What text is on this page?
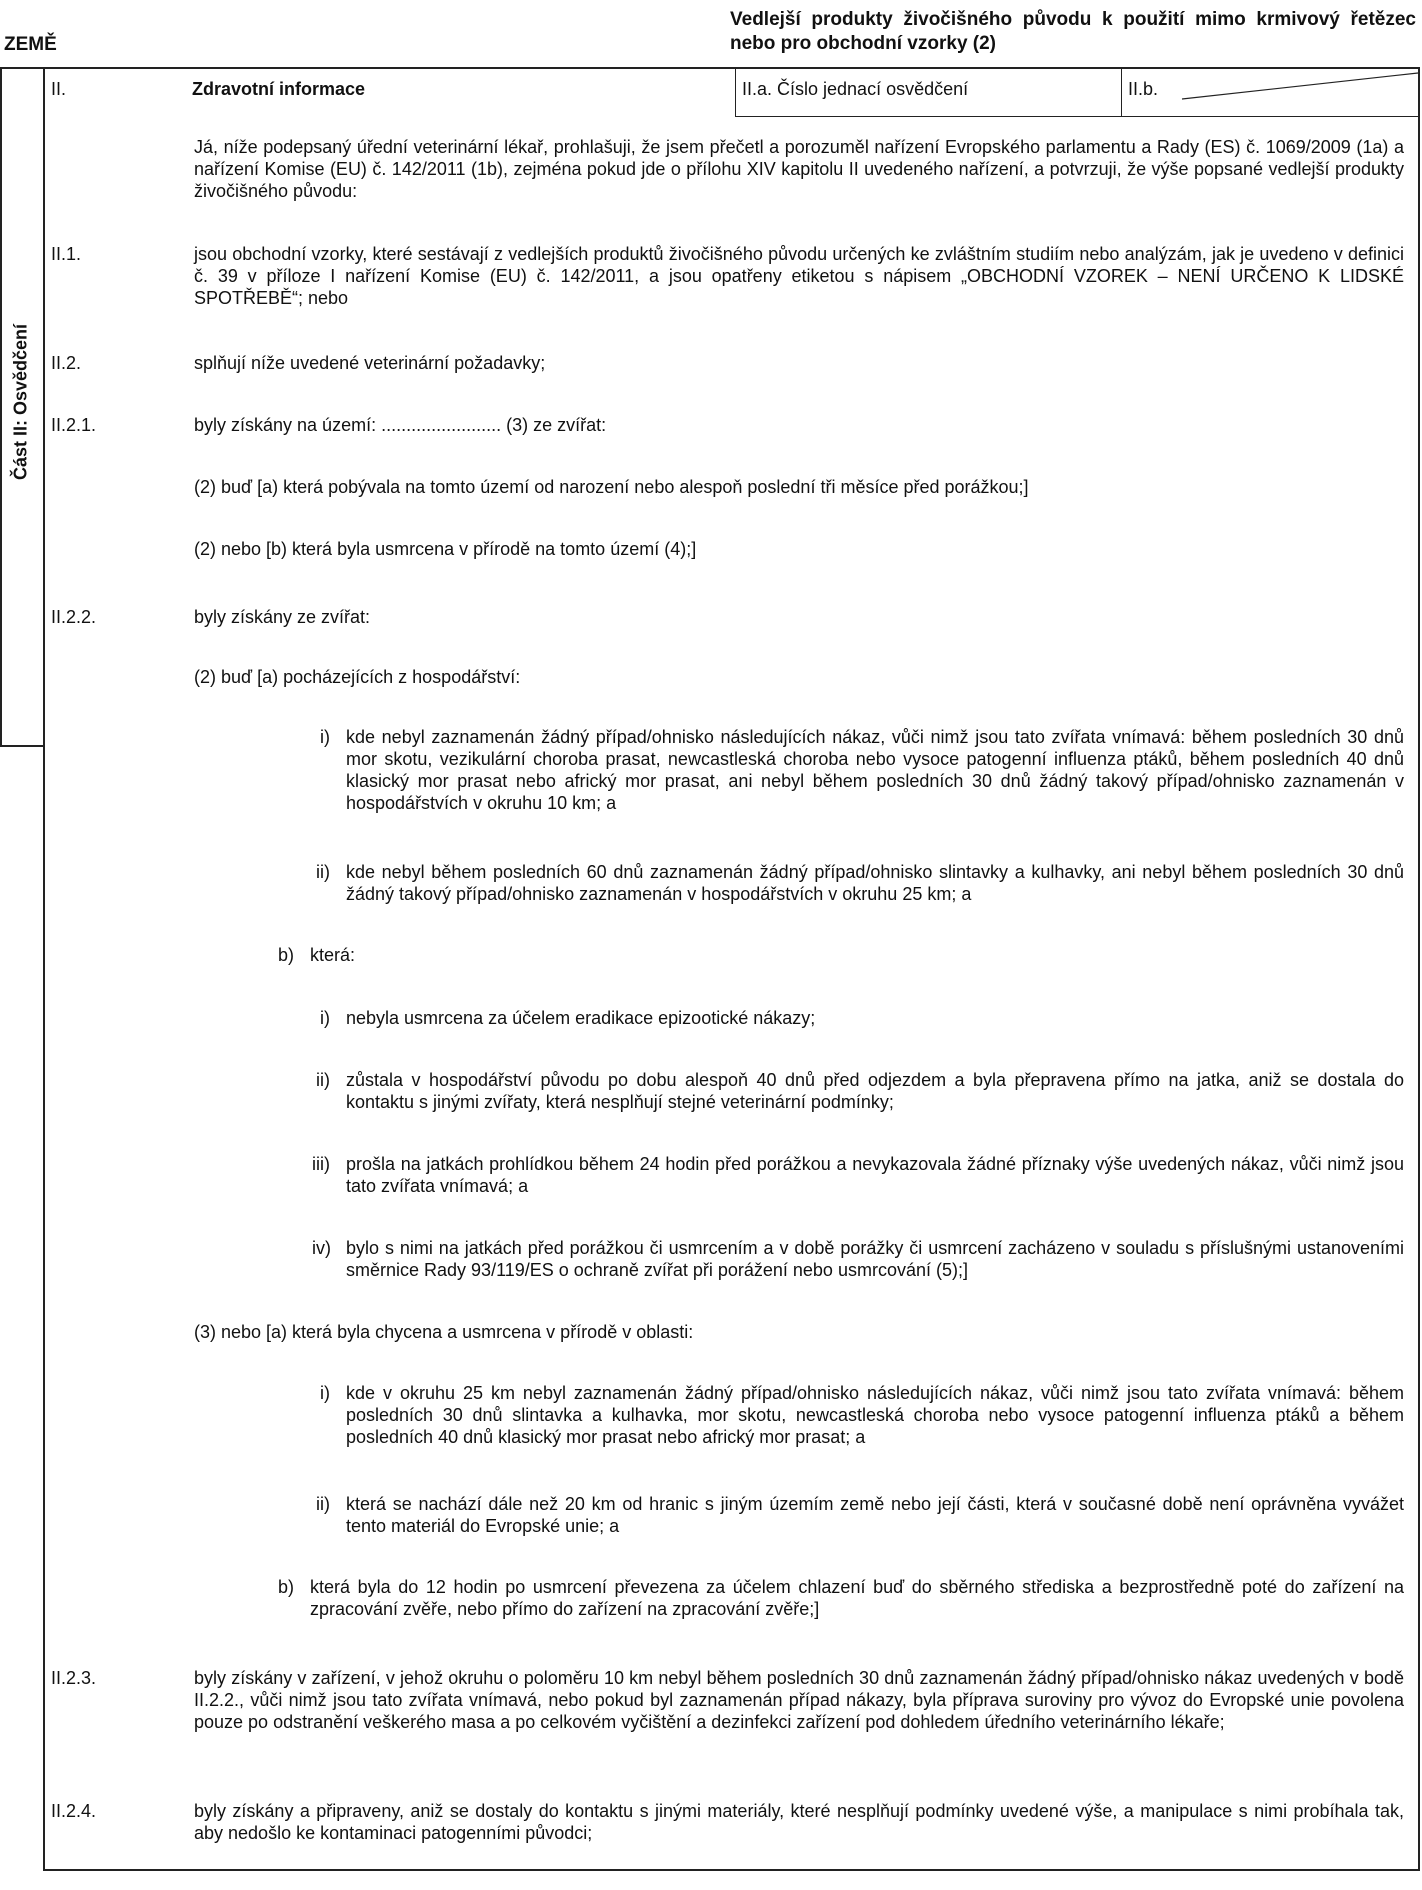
ZEMĚ
Vedlejší produkty živočišného původu k použití mimo krmivový řetězec nebo pro obchodní vzorky (2)
Část II: Osvědčení
II.	Zdravotní informace	II.a. Číslo jednací osvědčení	II.b.
Já, níže podepsaný úřední veterinární lékař, prohlašuji, že jsem přečetl a porozuměl nařízení Evropského parlamentu a Rady (ES) č. 1069/2009 (1a) a nařízení Komise (EU) č. 142/2011 (1b), zejména pokud jde o přílohu XIV kapitolu II uvedeného nařízení, a potvrzuji, že výše popsané vedlejší produkty živočišného původu:
II.1.	jsou obchodní vzorky, které sestávají z vedlejších produktů živočišného původu určených ke zvláštním studiím nebo analýzám, jak je uvedeno v definici č. 39 v příloze I nařízení Komise (EU) č. 142/2011, a jsou opatřeny etiketou s nápisem „OBCHODNÍ VZOREK – NENÍ URČENO K LIDSKÉ SPOTŘEBĚ“; nebo
II.2.	splňují níže uvedené veterinární požadavky;
II.2.1.	byly získány na území: ........................ (3) ze zvířat:
(2) buď [a) která pobývala na tomto území od narození nebo alespoň poslední tři měsíce před porážkou;]
(2) nebo [b) která byla usmrcena v přírodě na tomto území (4);]
II.2.2.	byly získány ze zvířat:
(2) buď [a) pocházejících z hospodářství:
i) kde nebyl zaznamenán žádný případ/ohnisko následujících nákaz, vůči nimž jsou tato zvířata vnímavá: během posledních 30 dnů mor skotu, vezikulární choroba prasat, newcastleská choroba nebo vysoce patogenní influenza ptáků, během posledních 40 dnů klasický mor prasat nebo africký mor prasat, ani nebyl během posledních 30 dnů žádný takový případ/ohnisko zaznamenán v hospodářstvích v okruhu 10 km; a
ii) kde nebyl během posledních 60 dnů zaznamenán žádný případ/ohnisko slintavky a kulhavky, ani nebyl během posledních 30 dnů žádný takový případ/ohnisko zaznamenán v hospodářstvích v okruhu 25 km; a
b) která:
i) nebyla usmrcena za účelem eradikace epizootické nákazy;
ii) zůstala v hospodářství původu po dobu alespoň 40 dnů před odjezdem a byla přepravena přímo na jatka, aniž se dostala do kontaktu s jinými zvířaty, která nesplňují stejné veterinární podmínky;
iii) prošla na jatkách prohlídkou během 24 hodin před porážkou a nevykazovala žádné příznaky výše uvedených nákaz, vůči nimž jsou tato zvířata vnímavá; a
iv) bylo s nimi na jatkách před porážkou či usmrcením a v době porážky či usmrcení zacházeno v souladu s příslušnými ustanoveními směrnice Rady 93/119/ES o ochraně zvířat při porážení nebo usmrcování (5);]
(3) nebo [a) která byla chycena a usmrcena v přírodě v oblasti:
i) kde v okruhu 25 km nebyl zaznamenán žádný případ/ohnisko následujících nákaz, vůči nimž jsou tato zvířata vnímavá: během posledních 30 dnů slintavka a kulhavka, mor skotu, newcastleská choroba nebo vysoce patogenní influenza ptáků a během posledních 40 dnů klasický mor prasat nebo africký mor prasat; a
ii) která se nachází dále než 20 km od hranic s jiným územím země nebo její části, která v současné době není oprávněna vyvážet tento materiál do Evropské unie; a
b) která byla do 12 hodin po usmrcení převezena za účelem chlazení buď do sběrného střediska a bezprostředně poté do zařízení na zpracování zvěře, nebo přímo do zařízení na zpracování zvěře;]
II.2.3.	byly získány v zařízení, v jehož okruhu o poloměru 10 km nebyl během posledních 30 dnů zaznamenán žádný případ/ohnisko nákaz uvedených v bodě II.2.2., vůči nimž jsou tato zvířata vnímavá, nebo pokud byl zaznamenán případ nákazy, byla příprava suroviny pro vývoz do Evropské unie povolena pouze po odstranění veškerého masa a po celkovém vyčištění a dezinfekci zařízení pod dohledem úředního veterinárního lékaře;
II.2.4.	byly získány a připraveny, aniž se dostaly do kontaktu s jinými materiály, které nesplňují podmínky uvedené výše, a manipulace s nimi probíhala tak, aby nedošlo ke kontaminaci patogenními původci;
